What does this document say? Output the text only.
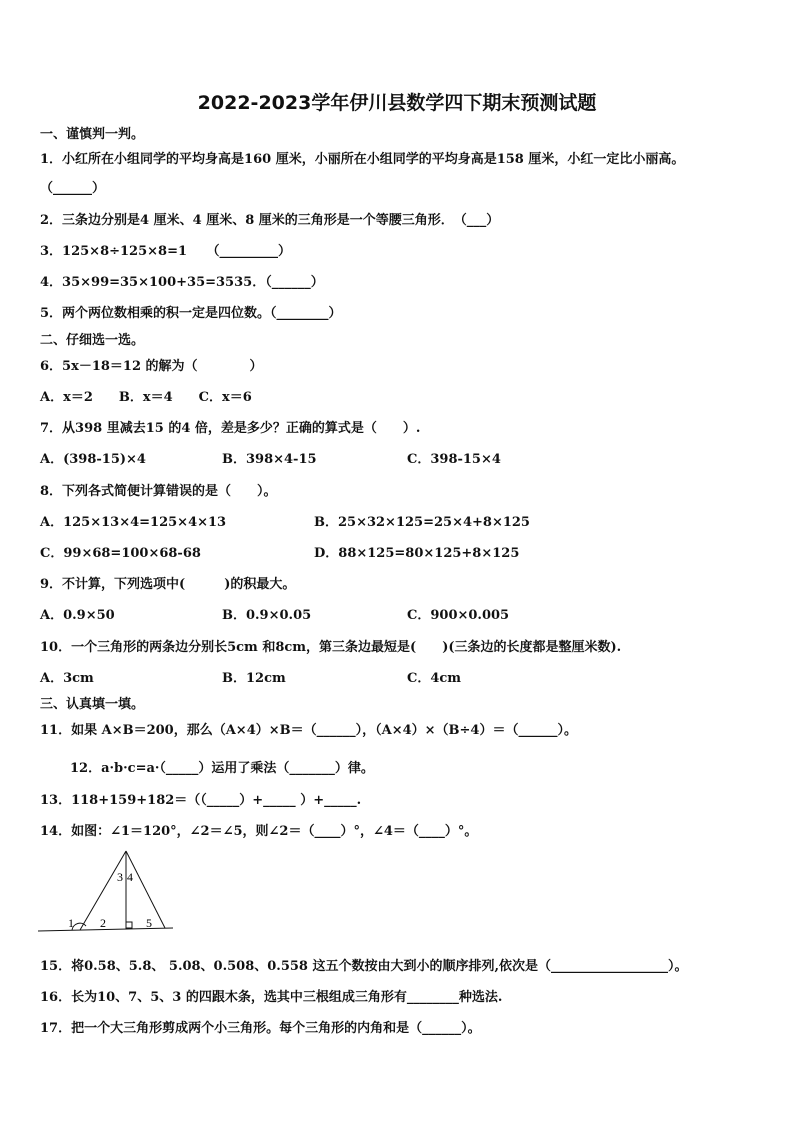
2022-2023学年伊川县数学四下期末预测试题
一、谨慎判一判。
1．小红所在小组同学的平均身高是160 厘米，小丽所在小组同学的平均身高是158 厘米，小红一定比小丽高。
（______）
2．三条边分别是4 厘米、4 厘米、8 厘米的三角形是一个等腰三角形．　（___）
3．125×8÷125×8=1　　（_________）
4．35×99=35×100+35=3535．（______）
5．两个两位数相乘的积一定是四位数。（________）
二、仔细选一选。
6．5x－18＝12 的解为（　　　　）
A．x＝2　　B．x＝4　　C．x＝6
7．从398 里减去15 的4 倍，差是多少？正确的算式是（　　）.
A．(398-15)×4	B．398×4-15	C．398-15×4
8．下列各式简便计算错误的是（　　）。
A．125×13×4=125×4×13	B．25×32×125=25×4+8×125
C．99×68=100×68-68	D．88×125=80×125+8×125
9．不计算，下列选项中(　　　)的积最大。
A．0.9×50	B．0.9×0.05	C．900×0.005
10．一个三角形的两条边分别长5cm 和8cm，第三条边最短是(　　)(三条边的长度都是整厘米数).
A．3cm	B．12cm	C．4cm
三、认真填一填。
11．如果 A×B＝200，那么（A×4）×B＝（______），（A×4）×（B÷4）＝（______）。
12．a·b·c=a·（_____）运用了乘法（_______）律。
13．118+159+182＝（（_____）+_____ ）+_____.
14．如图：∠1＝120°，∠2＝∠5，则∠2＝（____）°，∠4＝（____）°。
1 2
3 4
5
15．将0.58、5.8、 5.08、0.508、0.558 这五个数按由大到小的顺序排列,依次是（__________________）。
16．长为10、7、5、3 的四跟木条，选其中三根组成三角形有________种选法.
17．把一个大三角形剪成两个小三角形。每个三角形的内角和是（______）。
